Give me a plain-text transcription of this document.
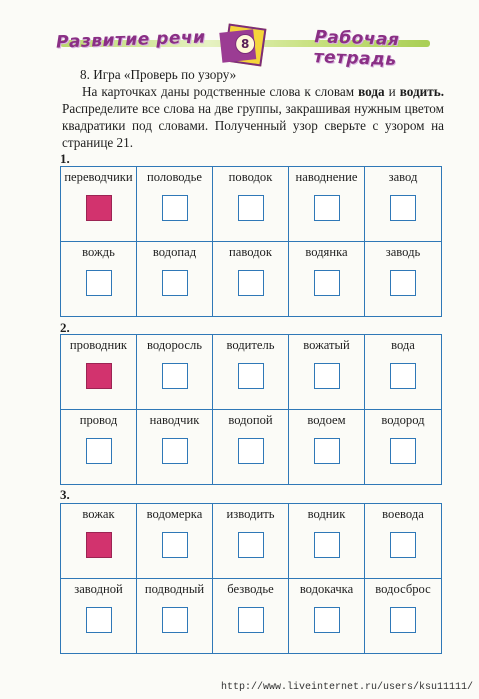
Развитие речи	8	Рабочая тетрадь

8. Игра «Проверь по узору»

На карточках даны родственные слова к словам вода и водить. Распределите все слова на две группы, закрашивая нужным цветом квадратики под словами. Полученный узор сверьте с узором на странице 21.

1.
переводчики	половодье	поводок	наводнение	завод
вождь	водопад	паводок	водянка	заводь
2.
проводник	водоросль	водитель	вожатый	вода
провод	наводчик	водопой	водоем	водород
3.
вожак	водомерка	изводить	водник	воевода
заводной	подводный	безводье	водокачка	водосброс
http://www.liveinternet.ru/users/ksu11111/
